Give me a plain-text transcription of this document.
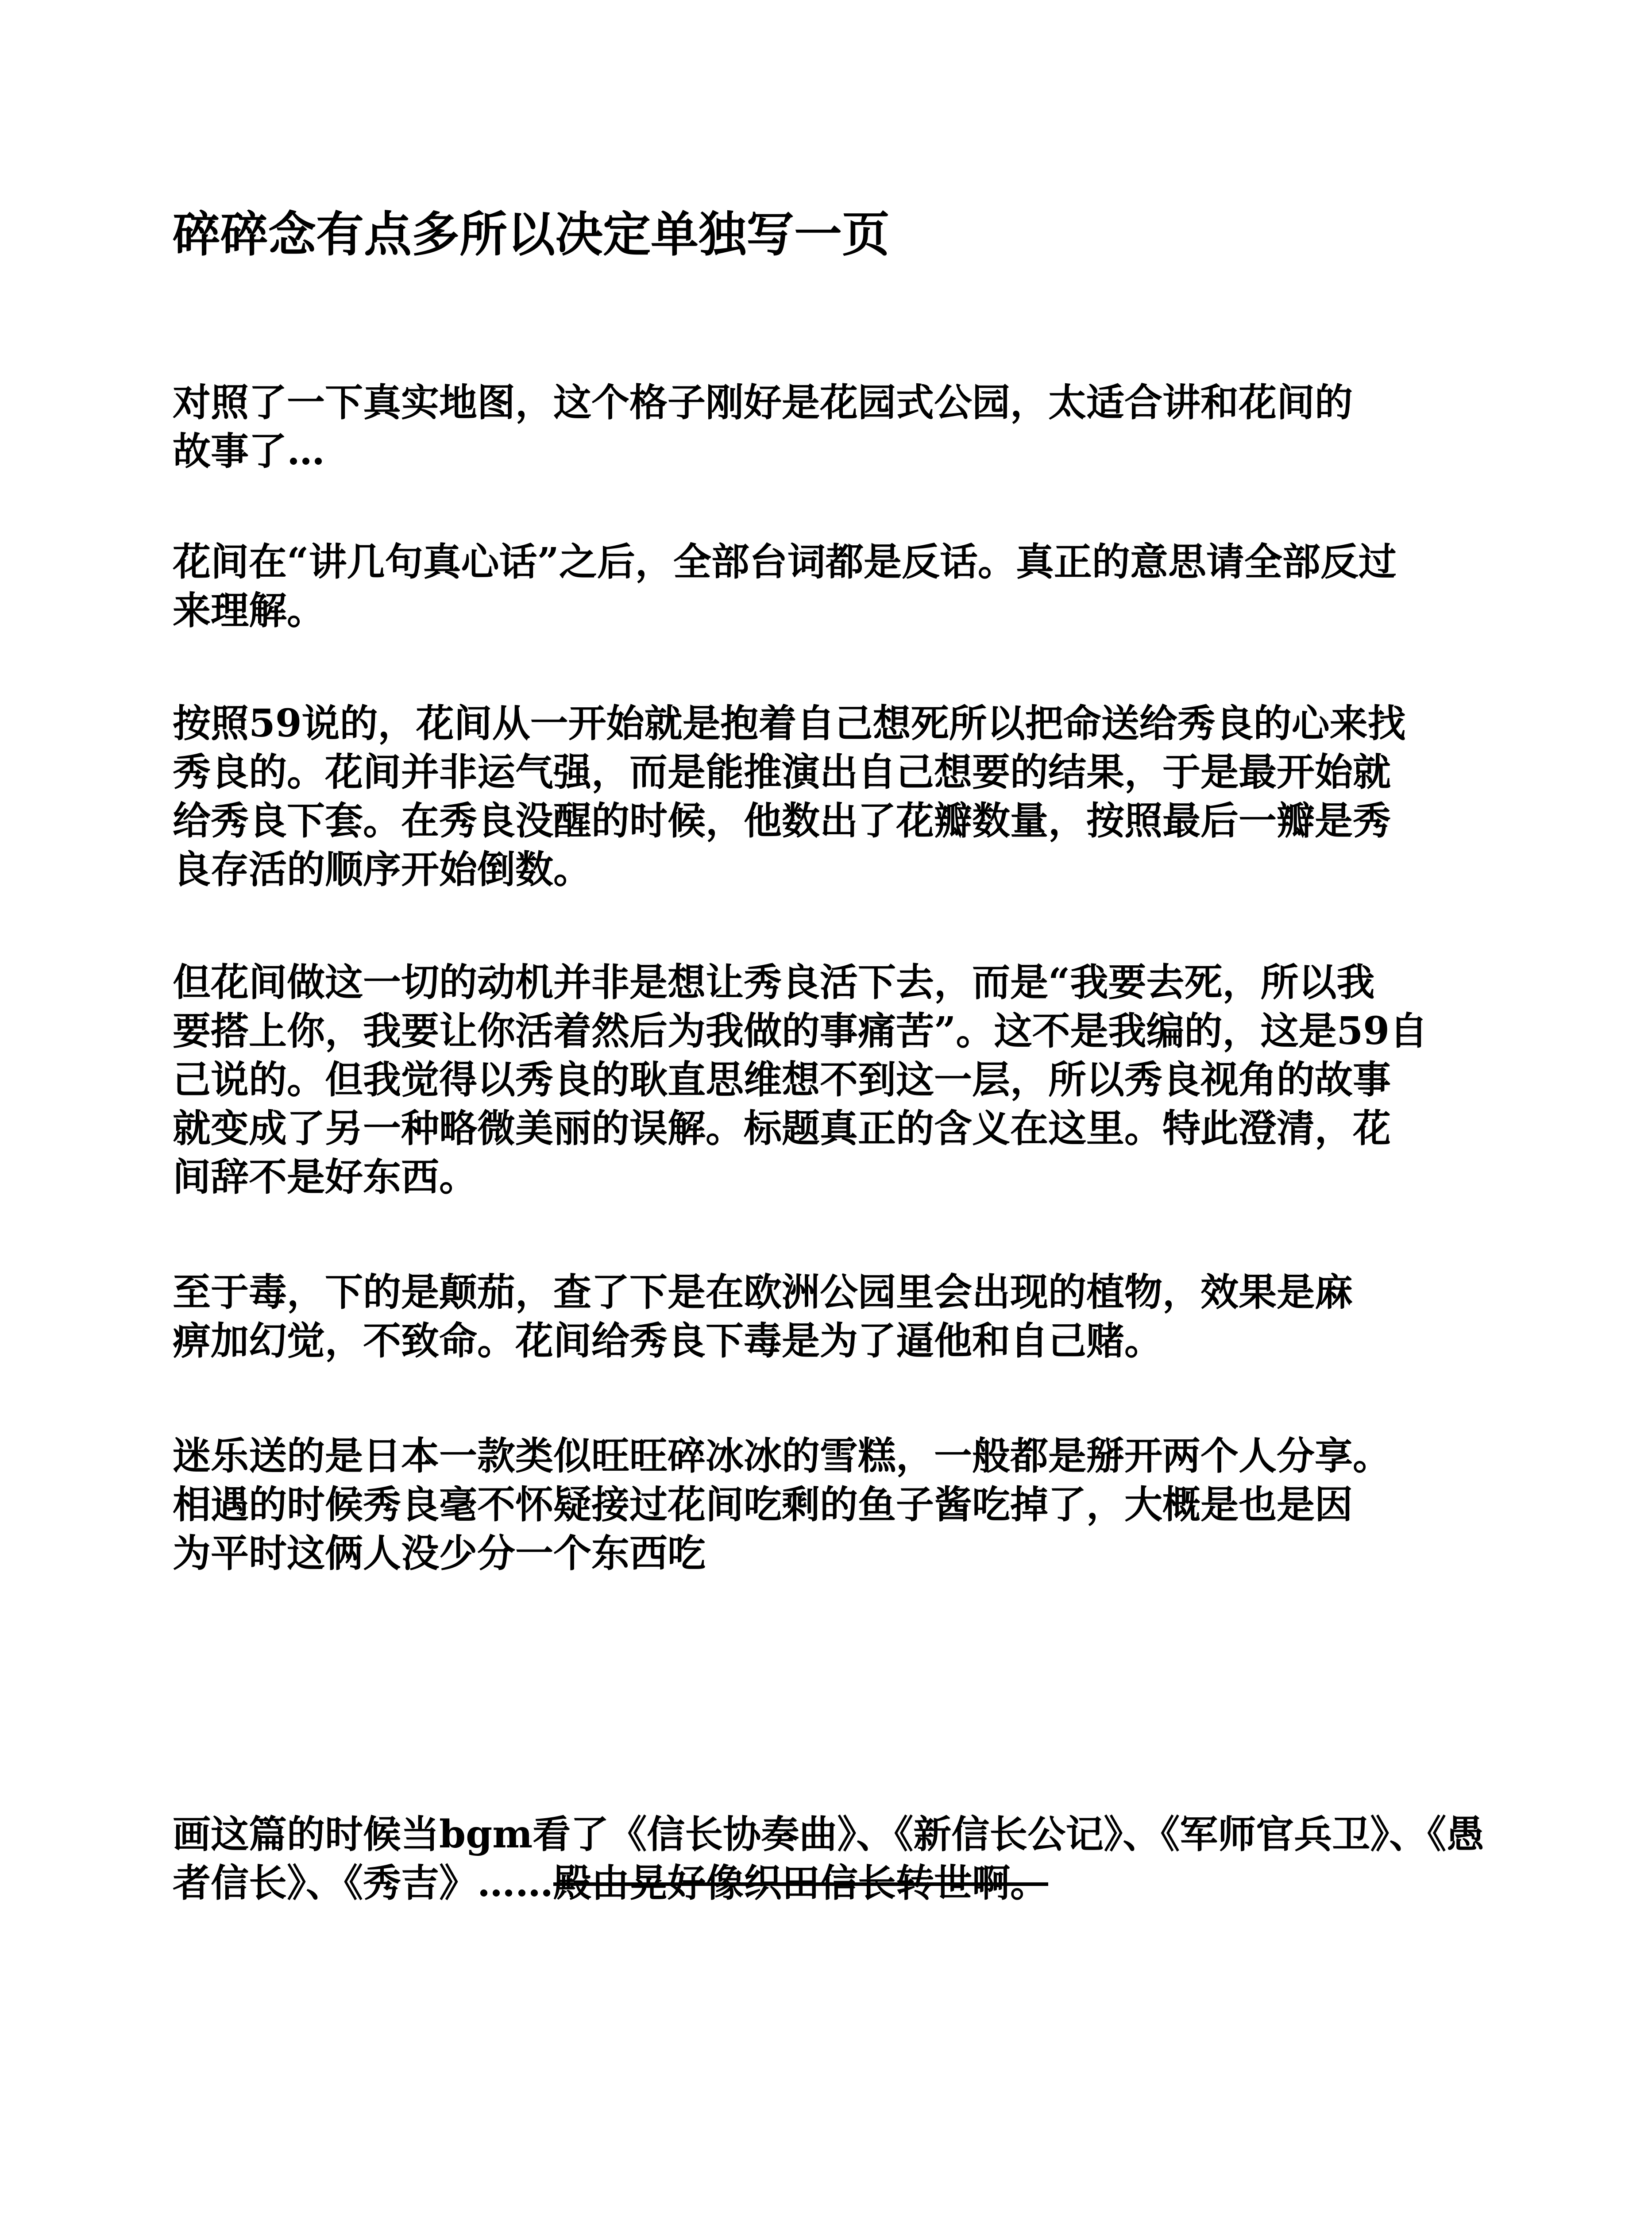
碎碎念有点多所以决定单独写一页

对照了一下真实地图，这个格子刚好是花园式公园，太适合讲和花间的
故事了…

花间在“讲几句真心话”之后，全部台词都是反话。真正的意思请全部反过
来理解。

按照59说的，花间从一开始就是抱着自己想死所以把命送给秀良的心来找
秀良的。花间并非运气强，而是能推演出自己想要的结果，于是最开始就
给秀良下套。在秀良没醒的时候，他数出了花瓣数量，按照最后一瓣是秀
良存活的顺序开始倒数。

但花间做这一切的动机并非是想让秀良活下去，而是“我要去死，所以我
要搭上你，我要让你活着然后为我做的事痛苦”。这不是我编的，这是59自
己说的。但我觉得以秀良的耿直思维想不到这一层，所以秀良视角的故事
就变成了另一种略微美丽的误解。标题真正的含义在这里。特此澄清，花
间辞不是好东西。

至于毒，下的是颠茄，查了下是在欧洲公园里会出现的植物，效果是麻
痹加幻觉，不致命。花间给秀良下毒是为了逼他和自己赌。

迷乐送的是日本一款类似旺旺碎冰冰的雪糕，一般都是掰开两个人分享。
相遇的时候秀良毫不怀疑接过花间吃剩的鱼子酱吃掉了，大概是也是因
为平时这俩人没少分一个东西吃

画这篇的时候当bgm看了《信长协奏曲》、《新信长公记》、《军师官兵卫》、《愚
者信长》、《秀吉》……殿由晃好像织田信长转世啊。
